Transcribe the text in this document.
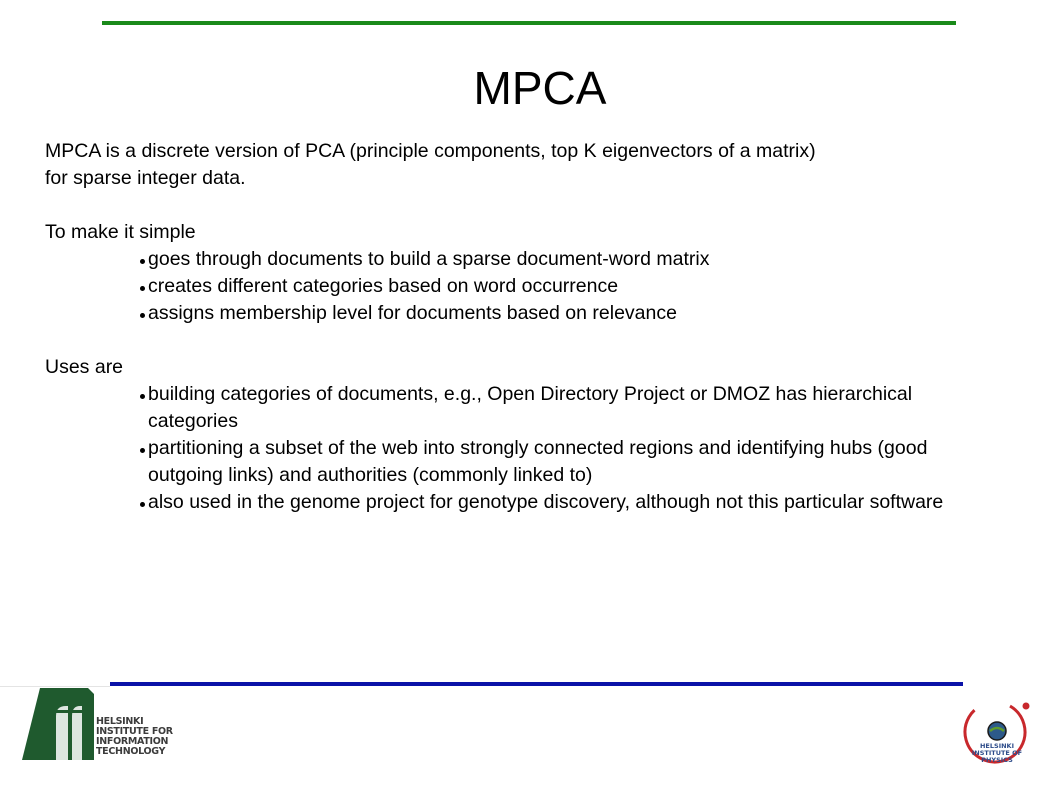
MPCA

MPCA is a discrete version of PCA (principle components, top K eigenvectors of a matrix)

for sparse integer data.

To make it simple

goes through documents to build a sparse document-word matrix
creates different categories based on word occurrence
assigns membership level for documents based on relevance

Uses are

building categories of documents, e.g., Open Directory Project or DMOZ has hierarchical categories
partitioning a subset of the web into strongly connected regions and identifying hubs (good outgoing links) and authorities (commonly linked to)
also used in the genome project for genotype discovery, although not this particular software
HELSINKI
INSTITUTE FOR
INFORMATION
TECHNOLOGY	HELSINKI
INSTITUTE OF
PHYSICS
